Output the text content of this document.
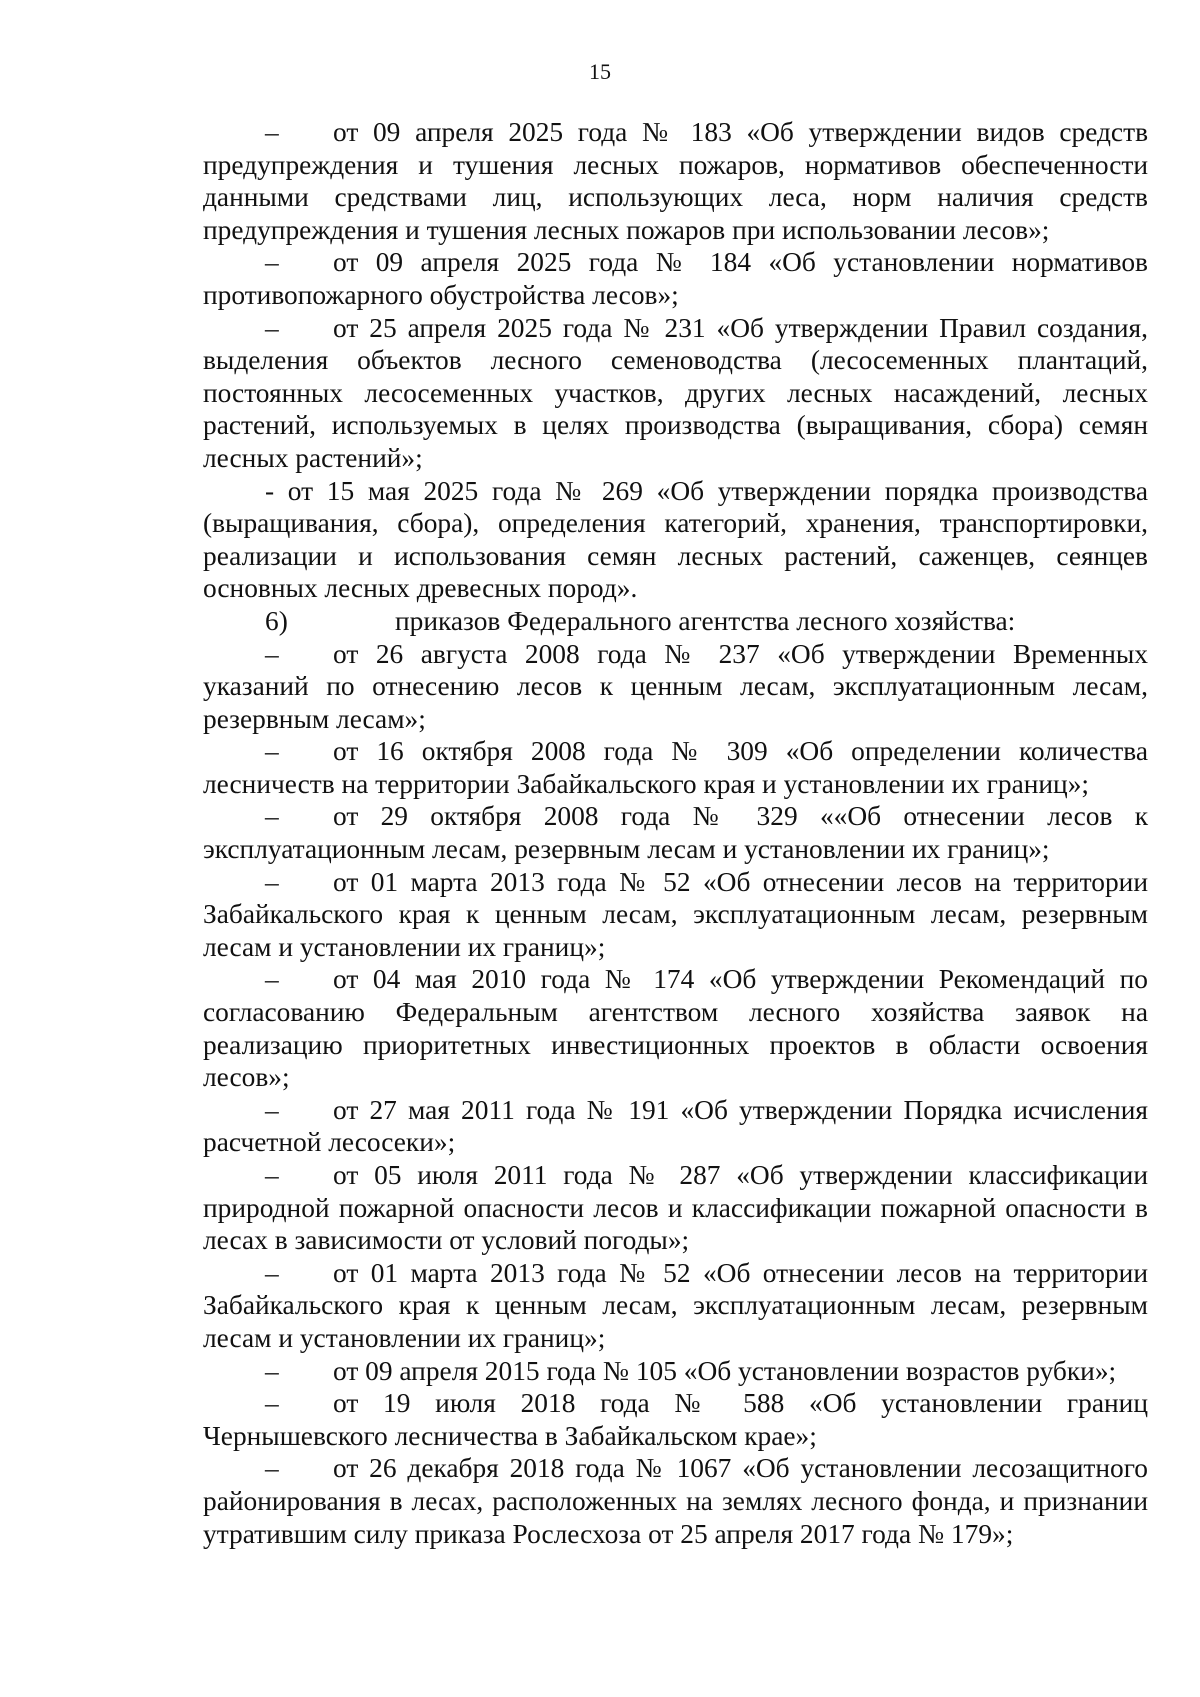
15

– от 09 апреля 2025 года № 183 «Об утверждении видов средств предупреждения и тушения лесных пожаров, нормативов обеспеченности данными средствами лиц, использующих леса, норм наличия средств предупреждения и тушения лесных пожаров при использовании лесов»;

– от 09 апреля 2025 года № 184 «Об установлении нормативов противопожарного обустройства лесов»;

– от 25 апреля 2025 года № 231 «Об утверждении Правил создания, выделения объектов лесного семеноводства (лесосеменных плантаций, постоянных лесосеменных участков, других лесных насаждений, лесных растений, используемых в целях производства (выращивания, сбора) семян лесных растений»;

- от 15 мая 2025 года № 269 «Об утверждении порядка производства (выращивания, сбора), определения категорий, хранения, транспортировки, реализации и использования семян лесных растений, саженцев, сеянцев основных лесных древесных пород».

6)	приказов Федерального агентства лесного хозяйства:

– от 26 августа 2008 года № 237 «Об утверждении Временных указаний по отнесению лесов к ценным лесам, эксплуатационным лесам, резервным лесам»;

– от 16 октября 2008 года № 309 «Об определении количества лесничеств на территории Забайкальского края и установлении их границ»;

– от 29 октября 2008 года № 329 ««Об отнесении лесов к эксплуатационным лесам, резервным лесам и установлении их границ»;

– от 01 марта 2013 года № 52 «Об отнесении лесов на территории Забайкальского края к ценным лесам, эксплуатационным лесам, резервным лесам и установлении их границ»;

– от 04 мая 2010 года № 174 «Об утверждении Рекомендаций по согласованию Федеральным агентством лесного хозяйства заявок на реализацию приоритетных инвестиционных проектов в области освоения лесов»;

– от 27 мая 2011 года № 191 «Об утверждении Порядка исчисления расчетной лесосеки»;

– от 05 июля 2011 года № 287 «Об утверждении классификации природной пожарной опасности лесов и классификации пожарной опасности в лесах в зависимости от условий погоды»;

– от 01 марта 2013 года № 52 «Об отнесении лесов на территории Забайкальского края к ценным лесам, эксплуатационным лесам, резервным лесам и установлении их границ»;

– от 09 апреля 2015 года № 105 «Об установлении возрастов рубки»;

– от 19 июля 2018 года № 588 «Об установлении границ Чернышевского лесничества в Забайкальском крае»;

– от 26 декабря 2018 года № 1067 «Об установлении лесозащитного районирования в лесах, расположенных на землях лесного фонда, и признании утратившим силу приказа Рослесхоза от 25 апреля 2017 года № 179»;
